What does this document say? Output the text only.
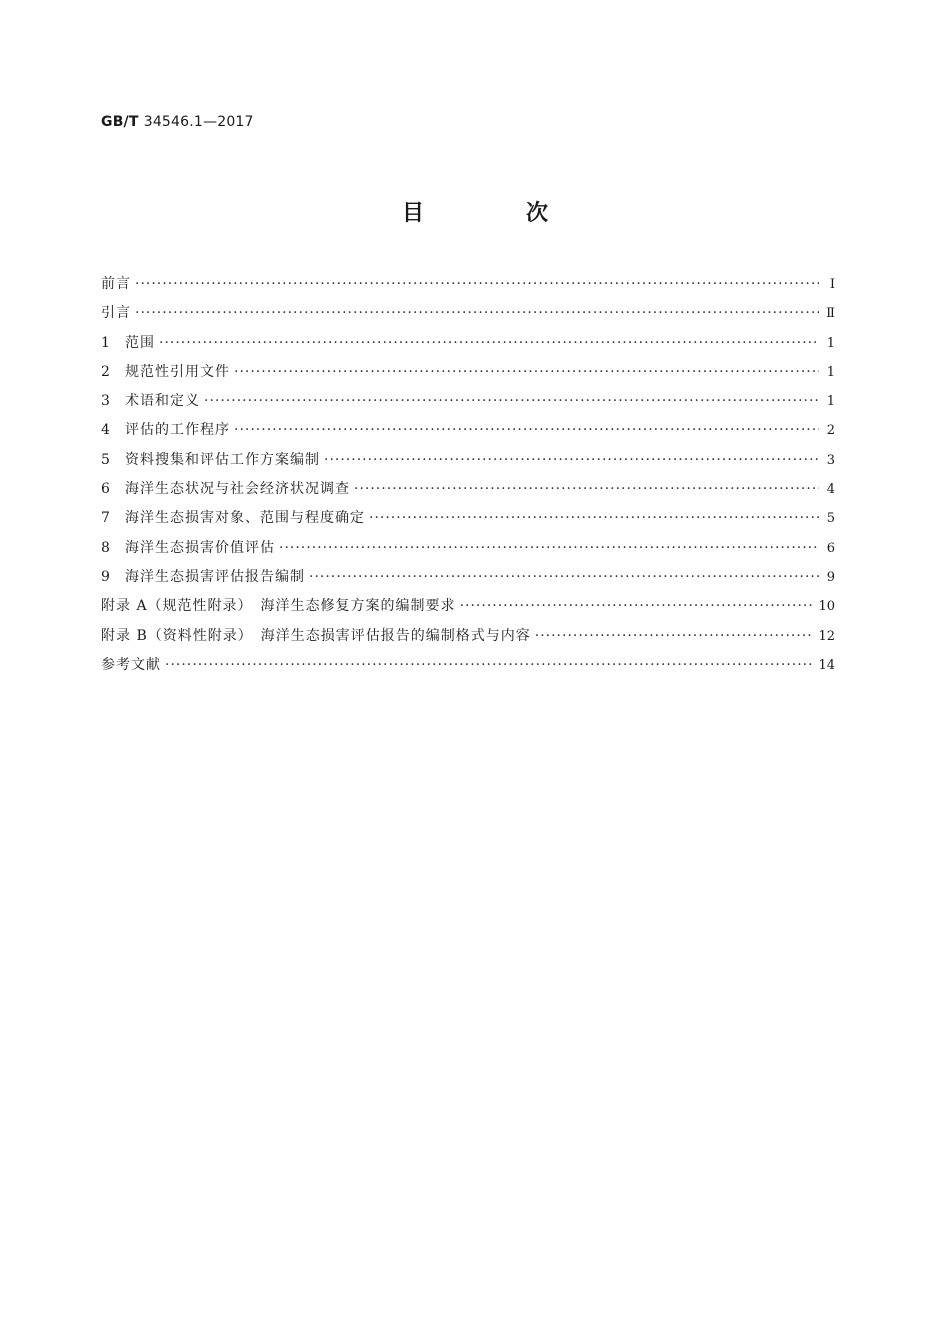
GB/T 34546.1—2017
目　次
前言 ·····	Ⅰ
引言 ·····	Ⅱ
1	范围 ·····	1
2	规范性引用文件 ·····	1
3	术语和定义 ·····	1
4	评估的工作程序 ·····	2
5	资料搜集和评估工作方案编制 ·····	3
6	海洋生态状况与社会经济状况调查 ·····	4
7	海洋生态损害对象、范围与程度确定 ·····	5
8	海洋生态损害价值评估 ·····	6
9	海洋生态损害评估报告编制 ·····	9
附录 A（规范性附录）　海洋生态修复方案的编制要求 ·····	10
附录 B（资料性附录）　海洋生态损害评估报告的编制格式与内容 ·····	12
参考文献 ·····	14
